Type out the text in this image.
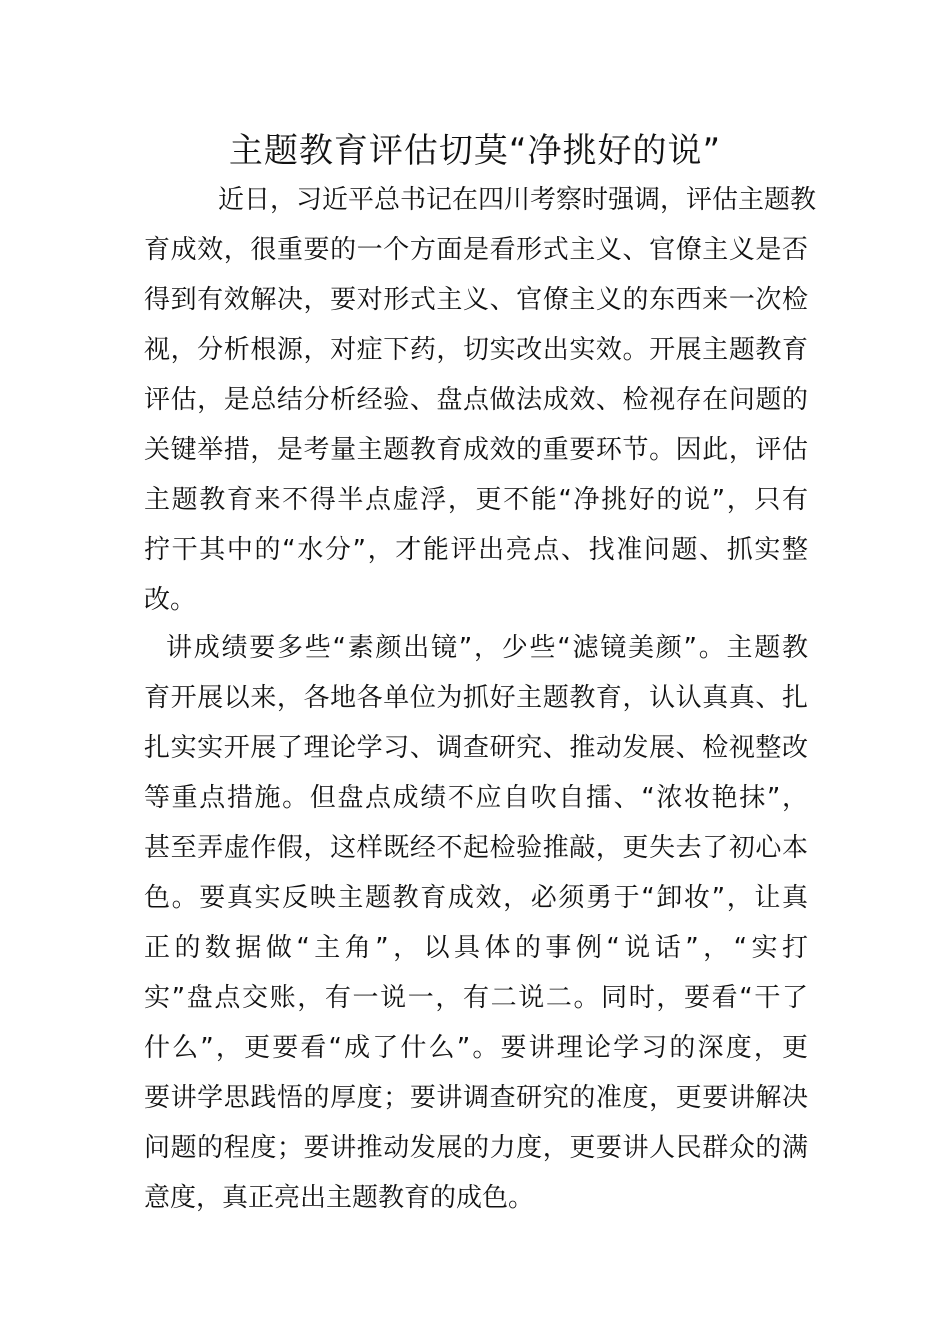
主题教育评估切莫“净挑好的说”
近日，习近平总书记在四川考察时强调，评估主题教
育成效，很重要的一个方面是看形式主义、官僚主义是否
得到有效解决，要对形式主义、官僚主义的东西来一次检
视，分析根源，对症下药，切实改出实效。开展主题教育
评估，是总结分析经验、盘点做法成效、检视存在问题的
关键举措，是考量主题教育成效的重要环节。因此，评估
主题教育来不得半点虚浮，更不能“净挑好的说”，只有
拧干其中的“水分”，才能评出亮点、找准问题、抓实整
改。
讲成绩要多些“素颜出镜”，少些“滤镜美颜”。主题教
育开展以来，各地各单位为抓好主题教育，认认真真、扎
扎实实开展了理论学习、调查研究、推动发展、检视整改
等重点措施。但盘点成绩不应自吹自擂、“浓妆艳抹”，
甚至弄虚作假，这样既经不起检验推敲，更失去了初心本
色。要真实反映主题教育成效，必须勇于“卸妆”，让真
正的数据做“主角”，以具体的事例“说话”，“实打
实”盘点交账，有一说一，有二说二。同时，要看“干了
什么”，更要看“成了什么”。要讲理论学习的深度，更
要讲学思践悟的厚度；要讲调查研究的准度，更要讲解决
问题的程度；要讲推动发展的力度，更要讲人民群众的满
意度，真正亮出主题教育的成色。
